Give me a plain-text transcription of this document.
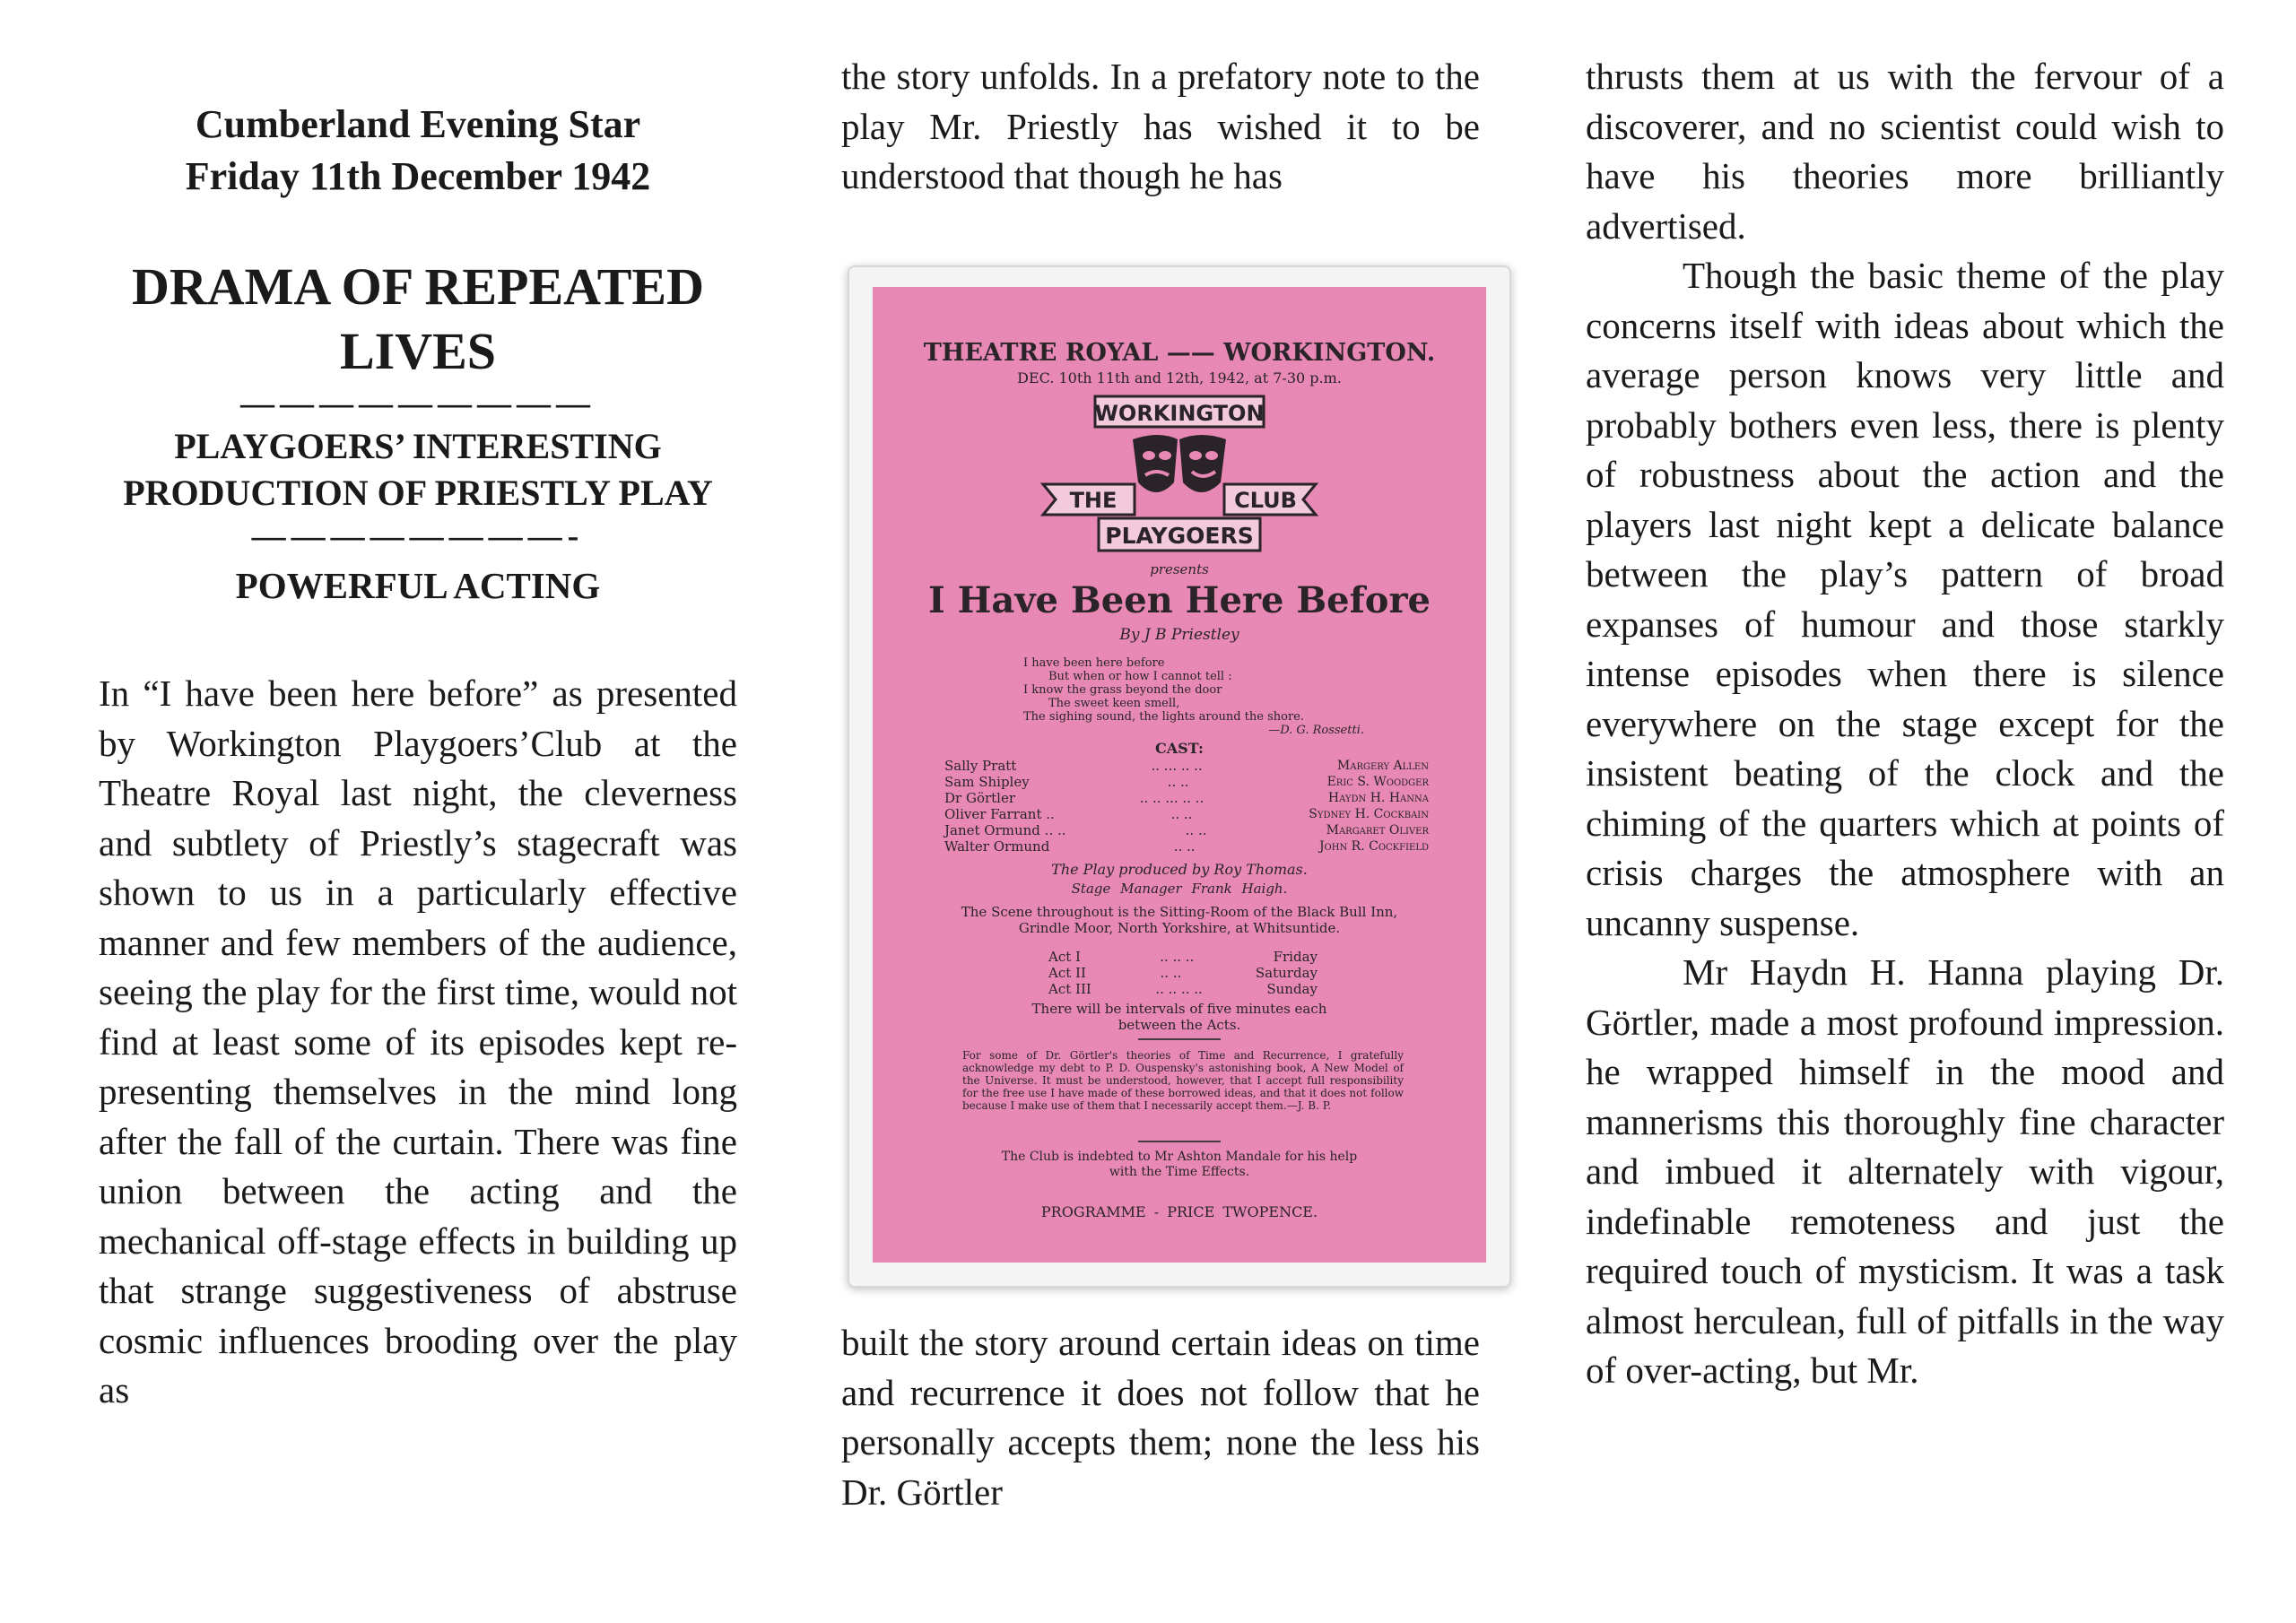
Cumberland Evening Star
Friday 11th December 1942
DRAMA OF REPEATED LIVES
—————————
PLAYGOERS’ INTERESTING PRODUCTION OF PRIESTLY PLAY
————————-
POWERFUL ACTING

In “I have been here before” as presented by Workington Playgoers’Club at the Theatre Royal last night, the cleverness and subtlety of Priestly’s stagecraft was shown to us in a particularly effective manner and few members of the audience, seeing the play for the first time, would not find at least some of its episodes kept re-presenting themselves in the mind long after the fall of the curtain. There was fine union between the acting and the mechanical off-stage effects in building up that strange suggestiveness of abstruse cosmic influences brooding over the play as

the story unfolds. In a prefatory note to the play Mr. Priestly has wished it to be understood that though he has

built the story around certain ideas on time and recurrence it does not follow that he personally accepts them; none the less his Dr. Görtler

THEATRE ROYAL —— WORKINGTON.
DEC. 10th 11th and 12th, 1942, at 7-30 p.m.
WORKINGTON
THE	CLUB
PLAYGOERS
presents
I Have Been Here Before
By J B Priestley
I have been here before
But when or how I cannot tell :
I know the grass beyond the door
The sweet keen smell,
The sighing sound, the lights around the shore.
—D. G. Rossetti.
CAST:
Sally Pratt	.. ... .. ..	Margery Allen
Sam Shipley	.. ..	Eric S. Woodger
Dr Görtler	.. .. ... .. ..	Haydn H. Hanna
Oliver Farrant ..	.. ..	Sydney H. Cockbain
Janet Ormund .. ..	.. ..	Margaret Oliver
Walter Ormund	.. ..	John R. Cockfield
The Play produced by Roy Thomas.
Stage Manager Frank Haigh.
The Scene throughout is the Sitting-Room of the Black Bull Inn, Grindle Moor, North Yorkshire, at Whitsuntide.
Act I	.. .. ..	Friday
Act II	.. ..	Saturday
Act III	.. .. .. ..	Sunday
There will be intervals of five minutes each between the Acts.
For some of Dr. Görtler's theories of Time and Recurrence, I gratefully acknowledge my debt to P. D. Ouspensky's astonishing book, A New Model of the Universe. It must be understood, however, that I accept full responsibility for the free use I have made of these borrowed ideas, and that it does not follow because I make use of them that I necessarily accept them.—J. B. P.
The Club is indebted to Mr Ashton Mandale for his help with the Time Effects.
PROGRAMME - PRICE TWOPENCE.

thrusts them at us with the fervour of a discoverer, and no scientist could wish to have his theories more brilliantly advertised.

Though the basic theme of the play concerns itself with ideas about which the average person knows very little and probably bothers even less, there is plenty of robustness about the action and the players last night kept a delicate balance between the play’s pattern of broad expanses of humour and those starkly intense episodes when there is silence everywhere on the stage except for the insistent beating of the clock and the chiming of the quarters which at points of crisis charges the atmosphere with an uncanny suspense.

Mr Haydn H. Hanna playing Dr. Görtler, made a most profound impression. he wrapped himself in the mood and mannerisms this thoroughly fine character and imbued it alternately with vigour, indefinable remoteness and just the required touch of mysticism. It was a task almost herculean, full of pitfalls in the way of over-acting, but Mr.
